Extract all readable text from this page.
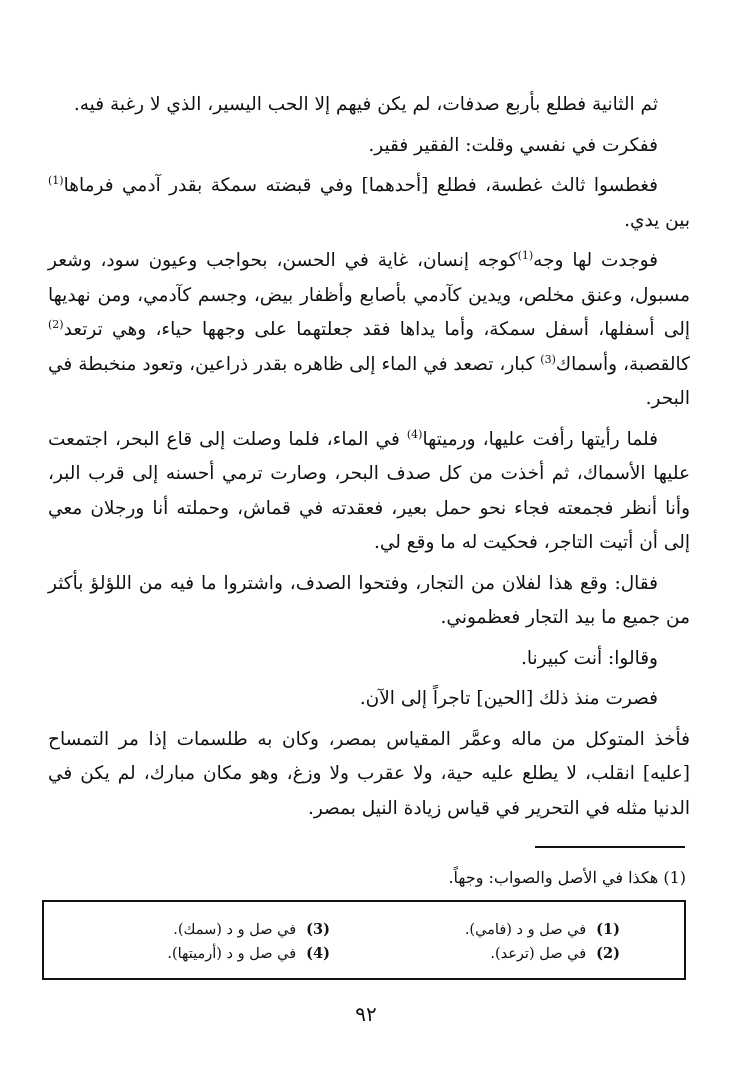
ثم الثانية فطلع بأربع صدفات، لم يكن فيهم إلا الحب اليسير، الذي لا رغبة فيه.

ففكرت في نفسي وقلت: الفقير فقير.

فغطسوا ثالث غطسة، فطلع [أحدهما] وفي قبضته سمكة بقدر آدمي فرماها$^{(1)}$ بين يدي.

فوجدت لها وجه$^{(1)}$كوجه إنسان، غاية في الحسن، بحواجب وعيون سود، وشعر مسبول، وعنق مخلص، ويدين كآدمي بأصابع وأظفار بيض، وجسم كآدمي، ومن نهديها إلى أسفلها، أسفل سمكة، وأما يداها فقد جعلتهما على وجهها حياء، وهي ترتعد$^{(2)}$ كالقصبة، وأسماك$^{(3)}$ كبار، تصعد في الماء إلى ظاهره بقدر ذراعين، وتعود منخبطة في البحر.

فلما رأيتها رأفت عليها، ورميتها$^{(4)}$ في الماء، فلما وصلت إلى قاع البحر، اجتمعت عليها الأسماك، ثم أخذت من كل صدف البحر، وصارت ترمي أحسنه إلى قرب البر، وأنا أنظر فجمعته فجاء نحو حمل بعير، فعقدته في قماش، وحملته أنا ورجلان معي إلى أن أتيت التاجر، فحكيت له ما وقع لي.

فقال: وقع هذا لفلان من التجار، وفتحوا الصدف، واشتروا ما فيه من اللؤلؤ بأكثر من جميع ما بيد التجار فعظموني.

وقالوا: أنت كبيرنا.

فصرت منذ ذلك [الحين] تاجراً إلى الآن.

فأخذ المتوكل من ماله وعمَّر المقياس بمصر، وكان به طلسمات إذا مر التمساح [عليه] انقلب، لا يطلع عليه حية، ولا عقرب ولا وزغ، وهو مكان مبارك، لم يكن في الدنيا مثله في التحرير في قياس زيادة النيل بمصر.

(1) هكذا في الأصل والصواب: وجهاً.
(1)في صل و د (فامي).
(2)في صل (ترعد).
(3)في صل و د (سمك).
(4)في صل و د (أرميتها).
٩٢
